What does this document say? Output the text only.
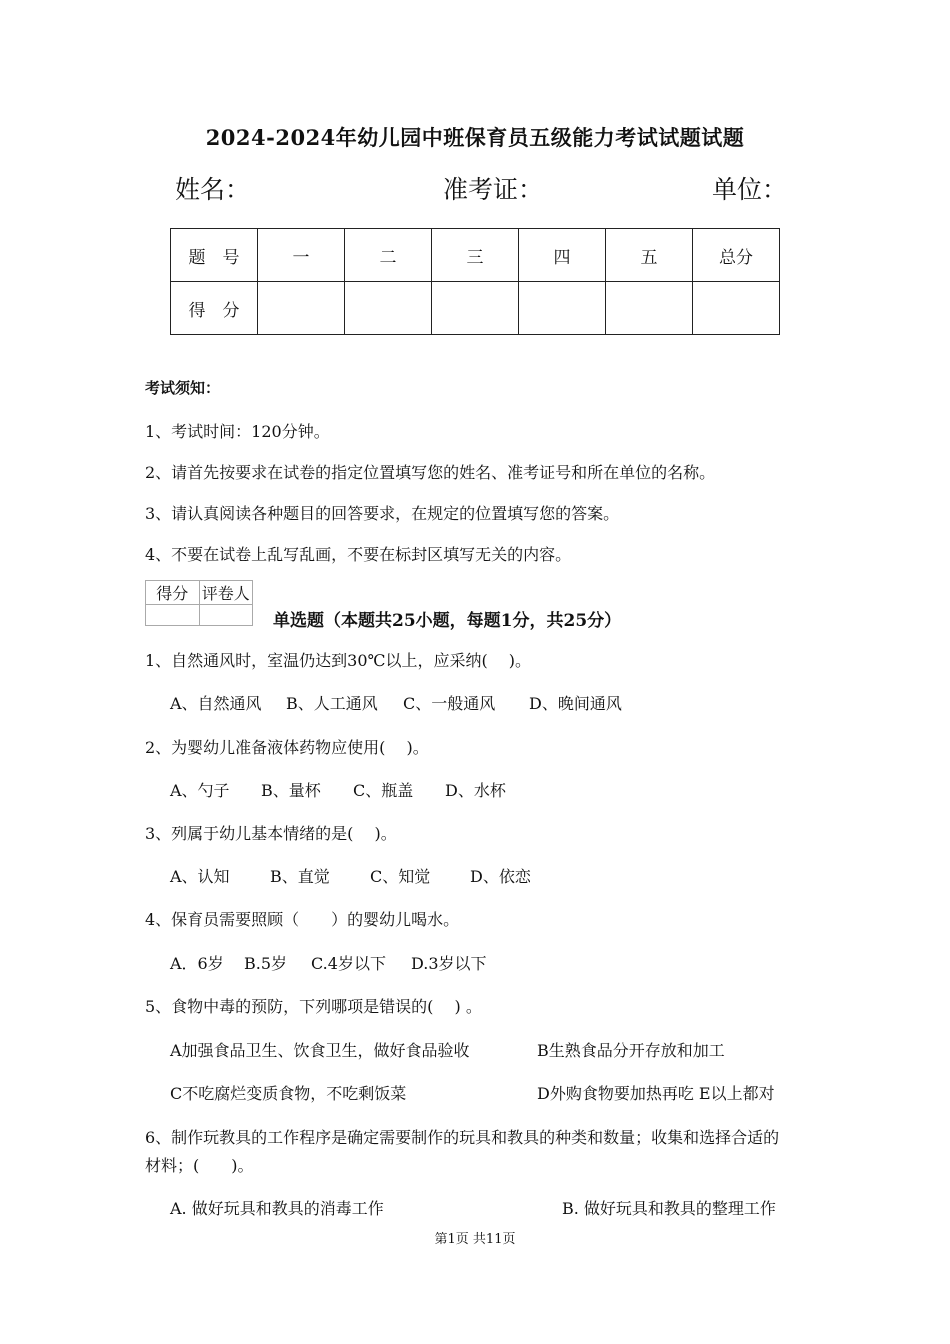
2024-2024年幼儿园中班保育员五级能力考试试题试题
姓名：	准考证：	单位：
题　号	一	二	三	四	五	总分
得　分						
考试须知：
1、考试时间：120分钟。
2、请首先按要求在试卷的指定位置填写您的姓名、准考证号和所在单位的名称。
3、请认真阅读各种题目的回答要求，在规定的位置填写您的答案。
4、不要在试卷上乱写乱画，不要在标封区填写无关的内容。
得分	评卷人

单选题（本题共25小题，每题1分，共25分）
1、自然通风时，室温仍达到30℃以上，应采纳(　 )。
A、自然通风 B、人工通风 C、一般通风 D、晚间通风
2、为婴幼儿准备液体药物应使用(　 )。
A、勺子 B、量杯 C、瓶盖 D、水杯
3、列属于幼儿基本情绪的是(　 )。
A、认知	B、直觉	C、知觉 D、依恋
4、保育员需要照顾（　　）的婴幼儿喝水。
A．6岁 B.5岁 C.4岁以下 D.3岁以下
5、食物中毒的预防，下列哪项是错误的(　 ) 。
A加强食品卫生、饮食卫生，做好食品验收	B生熟食品分开存放和加工
C不吃腐烂变质食物，不吃剩饭菜	D外购食物要加热再吃 E以上都对
6、制作玩教具的工作程序是确定需要制作的玩具和教具的种类和数量；收集和选择合适的
材料；(　　)。
A. 做好玩具和教具的消毒工作	B. 做好玩具和教具的整理工作
第1页 共11页
